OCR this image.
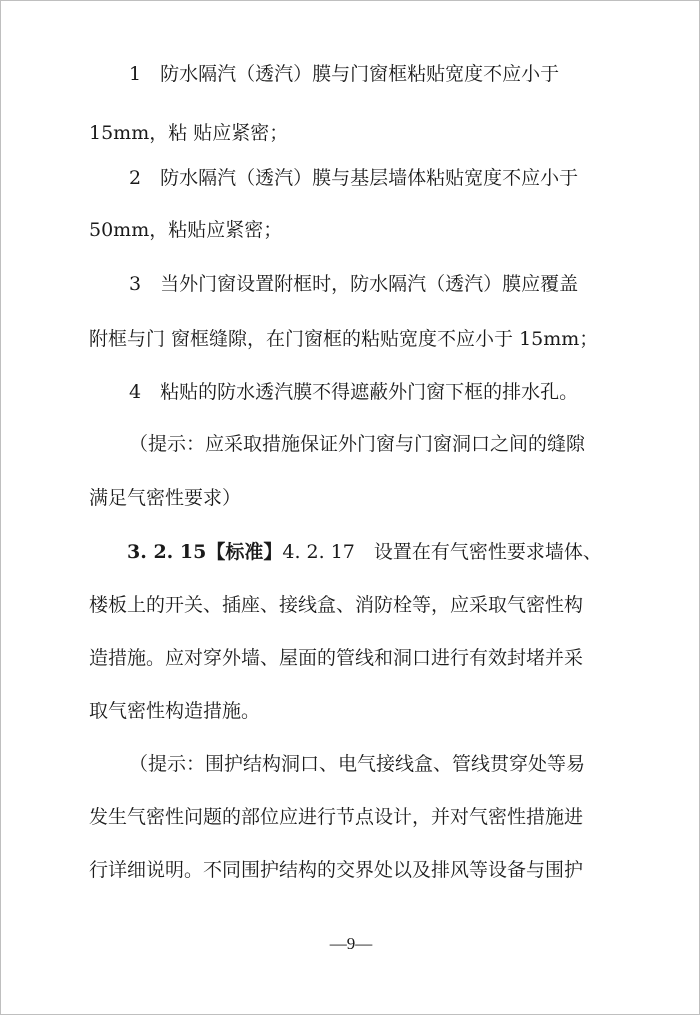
1　防水隔汽（透汽）膜与门窗框粘贴宽度不应小于
15mm，粘 贴应紧密；
2　防水隔汽（透汽）膜与基层墙体粘贴宽度不应小于
50mm，粘贴应紧密；
3　当外门窗设置附框时，防水隔汽（透汽）膜应覆盖
附框与门 窗框缝隙，在门窗框的粘贴宽度不应小于 15mm；
4　粘贴的防水透汽膜不得遮蔽外门窗下框的排水孔。
（提示：应采取措施保证外门窗与门窗洞口之间的缝隙
满足气密性要求）
3. 2. 15【标准】4. 2. 17　 设置在有气密性要求墙体、
楼板上的开关、插座、接线盒、消防栓等，应采取气密性构
造措施。应对穿外墙、屋面的管线和洞口进行有效封堵并采
取气密性构造措施。
（提示：围护结构洞口、电气接线盒、管线贯穿处等易
发生气密性问题的部位应进行节点设计，并对气密性措施进
行详细说明。不同围护结构的交界处以及排风等设备与围护
—9—
